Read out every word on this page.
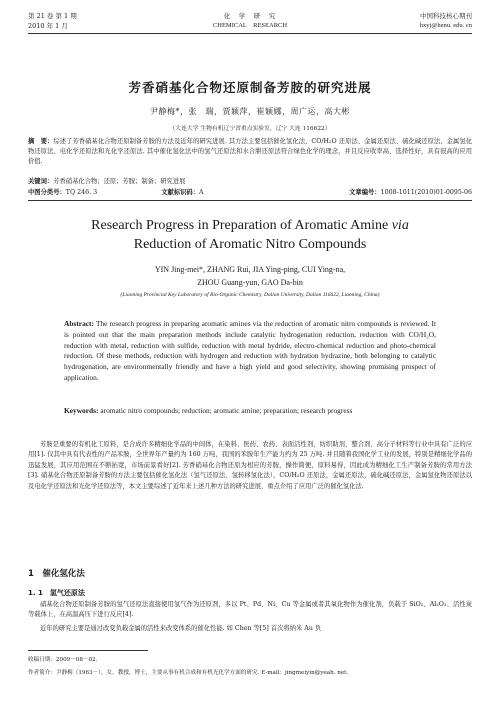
第 21 卷 第 1 期
2010 年 1 月
化　学　研　究
CHEMICAL　RESEARCH
中国科技核心期刊
hxyj@henu. edu. cn
芳香硝基化合物还原制备芳胺的研究进展
尹静梅*，张　瑞，贾颖萍，崔颖娜，周广运，高大彬
（大连大学 生物有机辽宁省重点实验室，辽宁 大连 116622）
摘　要：综述了芳香硝基化合物还原制备芳胺的方法及近年的研究进展. 其方法主要包括催化氢化法、CO/H₂O 还原法、金属还原法、硫化碱还原法、金属氢化物还原法、电化学还原法和光化学还原法. 其中催化氢化法中的氢气还原法和水合肼还原法符合绿色化学的理念，并且反应收率高、选择性好，具有很高的应用价值.
关键词：芳香硝基化合物；还原；芳胺；制备；研究进展
中图分类号：TQ 246. 3	文献标识码：A	文章编号：1008-1011(2010)01-0095-06
Research Progress in Preparation of Aromatic Amine via
Reduction of Aromatic Nitro Compounds
YIN Jing-mei*, ZHANG Rui, JIA Ying-ping, CUI Ying-na,
ZHOU Guang-yun, GAO Da-bin
(Liaoning Provincial Key Laboratory of Bio-Organic Chemistry, Dalian University, Dalian 116622, Liaoning, China)
Abstract: The research progress in preparing aromatic amines via the reduction of aromatic nitro compounds is reviewed. It is pointed out that the main preparation methods include catalytic hydrogenation reduction, reduction with CO/H₂O, reduction with metal, reduction with sulfide, reduction with metal hydride, electro-chemical reduction and photo-chemical reduction. Of these methods, reduction with hydrogen and reduction with hydration hydrazine, both belonging to catalytic hydrogenation, are environmentally friendly and have a high yield and good selectivity, showing promising prospect of application.
Keywords: aromatic nitro compounds; reduction; aromatic amine; preparation; research progress
芳胺是重要的有机化工原料，是合成许多精细化学品的中间体，在染料、医药、农药、表面活性剂、纺织助剂、整合剂、高分子材料等行业中具有广泛的应用[1]. 仅其中具有代表性的产品苯胺，全世界年产量约为 160 万吨，我国的苯胺年生产能力约为 25 万吨. 并且随着我国化学工业的发展，特别是精细化学品的迅猛发展，其应用范围在不断拓宽，市场前景看好[2]. 芳香硝基化合物还原为相应的芳胺，操作简便，原料易得，因此成为精细化工生产制备芳胺的常用方法[3]. 硝基化合物还原制备芳胺的方法主要包括催化氢化法（氢气还原法、氢转移氢化法），CO/H₂O 还原法，金属还原法，硫化碱还原法，金属氢化物还原法以及电化学还原法和光化学还原法等，本文主要综述了近年来上述几种方法的研究进展，重点介绍了应用广泛的催化氢化法.
1　催化氢化法
1. 1　氢气还原法
硝基化合物还原制备芳胺的氢气还原法直接使用氢气作为还原剂，多以 Pt、Pd、Ni、Cu 等金属或者其氧化物作为催化剂，负载于 SiO₂、Al₂O₃、活性炭等载体上，在高温高压下进行反应[4].
近年的研究主要是通过改变负载金属的活性来改变体系的催化性能. 如 Chen 等[5] 首次将纳米 Au 负
收稿日期：2009－08－02.
作者简介：尹静梅（1963－），女，教授，博士，主要从事有机合成和有机光化学方面的研究. E-mail：jingmeiyin@yeah. net.
